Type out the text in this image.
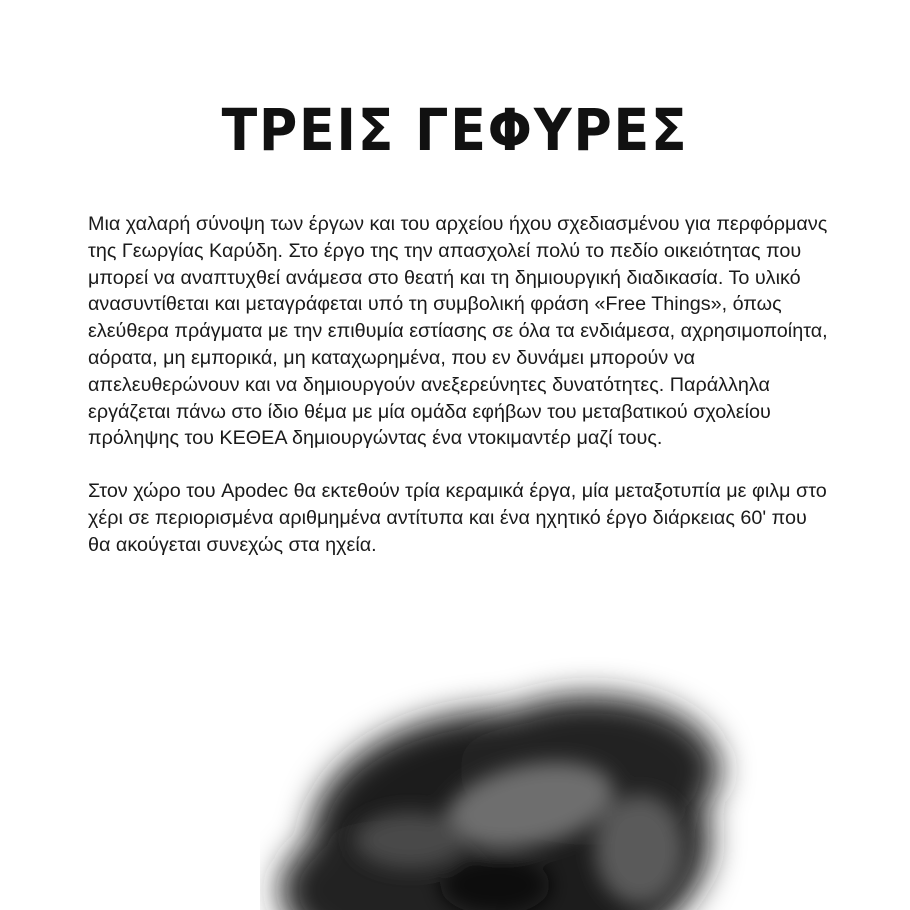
ΤΡΕΙΣ ΓΕΦΥΡΕΣ

Μια χαλαρή σύνοψη των έργων και του αρχείου ήχου σχεδιασμένου για περφόρμανς της Γεωργίας Καρύδη. Στο έργο της την απασχολεί πολύ το πεδίο οικειότητας που μπορεί να αναπτυχθεί ανάμεσα στο θεατή και τη δημιουργική διαδικασία. Το υλικό ανασυντίθεται και μεταγράφεται υπό τη συμβολική φράση «Free Things», όπως ελεύθερα πράγματα με την επιθυμία εστίασης σε όλα τα ενδιάμεσα, αχρησιμοποίητα, αόρατα, μη εμπορικά, μη καταχωρημένα, που εν δυνάμει μπορούν να απελευθερώνουν και να δημιουργούν ανεξερεύνητες δυνατότητες. Παράλληλα εργάζεται πάνω στο ίδιο θέμα με μία ομάδα εφήβων του μεταβατικού σχολείου πρόληψης του ΚΕΘΕΑ δημιουργώντας ένα ντοκιμαντέρ μαζί τους.

Στον χώρο του Apodec θα εκτεθούν τρία κεραμικά έργα, μία μεταξοτυπία με φιλμ στο χέρι σε περιορισμένα αριθμημένα αντίτυπα και ένα ηχητικό έργο διάρκειας 60' που θα ακούγεται συνεχώς στα ηχεία.
